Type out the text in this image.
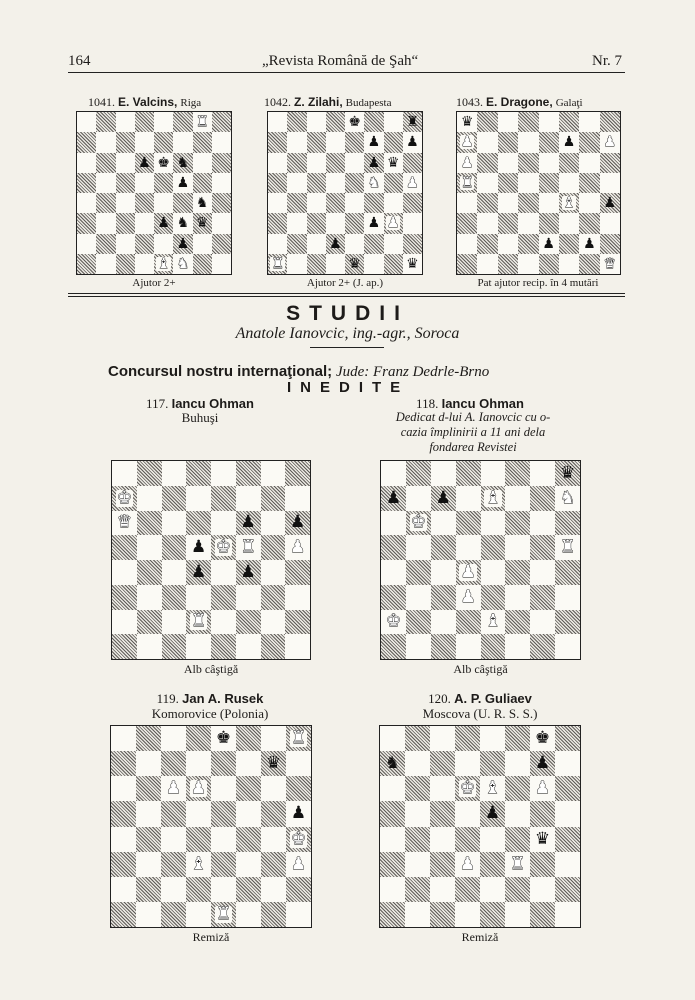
164	„Revista Română de Şah“	Nr. 7
1041. E. Valcins, Riga	1042. Z. Zilahi, Budapesta	1043. E. Dragone, Galaţi
♜
♟ ♚ ♞
♟
♞
♟ ♞ ♛
♟
♝ ♞
♚	♜
♟ ♟
♟ ♛
♞ ♟
♟ ♟
♟
♜	♛	♛
♛
♟	♟ ♟
♟
♜
♝ ♟
♟ ♟
♛
Ajutor 2+	Ajutor 2+ (J. ap.)	Pat ajutor recip. în 4 mutări
STUDII
Anatole Ianovcic, ing.-agr., Soroca
Concursul nostru internaţional; Jude: Franz Dedrle-Brno
INEDITE
117. Iancu Ohman
Buhuşi
118. Iancu Ohman
Dedicat d-lui A. Ianovcic cu o- cazia împlinirii a 11 ani dela fondarea Revistei
♚
♛	♟ ♟
♟ ♚ ♜ ♟
♟ ♟
♜
♛
♟ ♟ ♝	♞
♚
♜
♟
♟
♚	♝
Alb câştigă	Alb câştigă
119. Jan A. Rusek
Komorovice (Polonia)
120. A. P. Guliaev
Moscova (U. R. S. S.)
♚	♜
♛
♟ ♟
♟
♚
♝	♟
♜
♚
♞	♟
♚ ♝ ♟
♟
♛
♟ ♜
Remiză	Remiză
